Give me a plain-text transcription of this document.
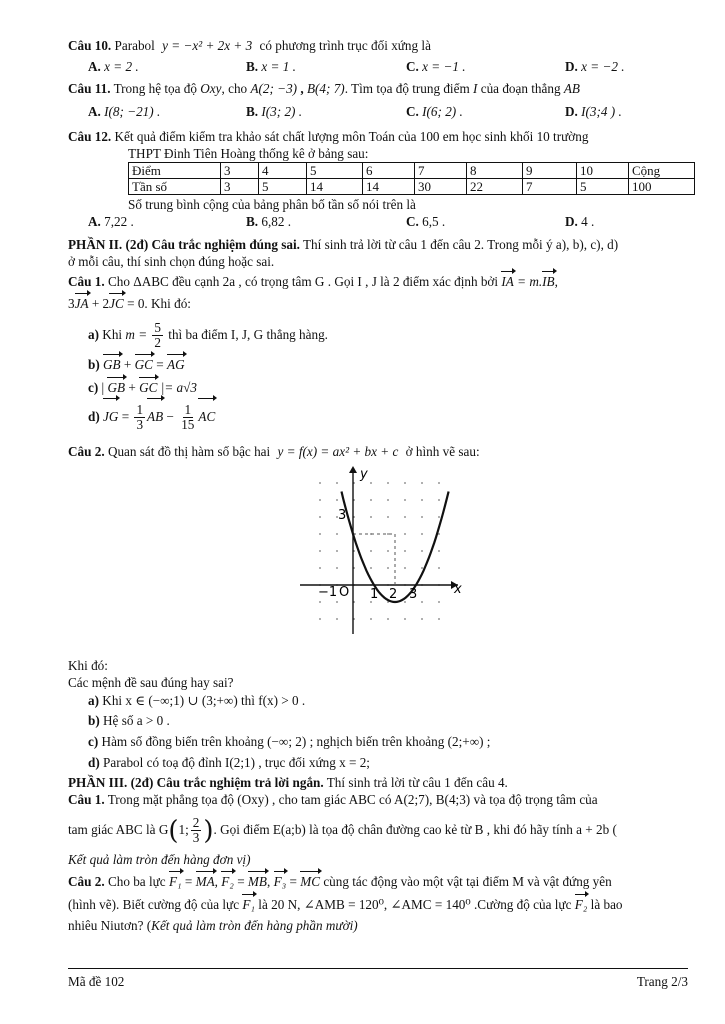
Câu 10. Parabol y = −x² + 2x + 3 có phương trình trục đối xứng là
A. x = 2 .	B. x = 1 .	C. x = −1 .	D. x = −2 .
Câu 11. Trong hệ tọa độ Oxy, cho A(2; −3) , B(4; 7). Tìm tọa độ trung điểm I của đoạn thẳng AB
A. I(8; −21) .	B. I(3; 2) .	C. I(6; 2) .	D. I(3;4 ) .
Câu 12. Kết quả điểm kiểm tra khảo sát chất lượng môn Toán của 100 em học sinh khối 10 trường
THPT Đinh Tiên Hoàng thống kê ở bảng sau:
Điểm	3	4	5	6	7	8	9	10	Cộng
Tần số	3	5	14	14	30	22	7	5	100
Số trung bình cộng của bảng phân bố tần số nói trên là
A. 7,22 .	B. 6,82 .	C. 6,5 .	D. 4 .
PHẦN II. (2đ) Câu trắc nghiệm đúng sai. Thí sinh trả lời từ câu 1 đến câu 2. Trong mỗi ý a), b), c), d)
ở mỗi câu, thí sinh chọn đúng hoặc sai.
Câu 1. Cho ΔABC đều cạnh 2a , có trọng tâm G . Gọi I , J là 2 điểm xác định bởi IA = m.IB,
3JA + 2JC = 0. Khi đó:
a) Khi $m = \frac{5}{2}$ thì ba điểm I, J, G thẳng hàng.
b) GB + GC = AG
c) | GB + GC |= a√3
d) JG = $\frac{1}{3}$ AB − $\frac{1}{15}$ AC
Câu 2. Quan sát đồ thị hàm số bậc hai y = f(x) = ax² + bx + c ở hình vẽ sau:
y
x
3
−1 O 1 2 3
Khi đó:
Các mệnh đề sau đúng hay sai?
a) Khi x ∈ (−∞;1) ∪ (3;+∞) thì f(x) > 0 .
b) Hệ số a > 0 .
c) Hàm số đồng biến trên khoảng (−∞; 2) ; nghịch biến trên khoảng (2;+∞) ;
d) Parabol có toạ độ đỉnh I(2;1) , trục đối xứng x = 2;
PHẦN III. (2đ) Câu trắc nghiệm trả lời ngắn. Thí sinh trả lời từ câu 1 đến câu 4.
Câu 1. Trong mặt phẳng tọa độ (Oxy) , cho tam giác ABC có A(2;7), B(4;3) và tọa độ trọng tâm của
tam giác ABC là G(1; $\frac{2}{3}$ ). Gọi điểm E(a;b) là tọa độ chân đường cao kẻ từ B , khi đó hãy tính a + 2b (
Kết quả làm tròn đến hàng đơn vị)
Câu 2. Cho ba lực F₁ = MA, F₂ = MB, F₃ = MC cùng tác động vào một vật tại điểm M và vật đứng yên
(hình vẽ). Biết cường độ của lực F₁ là 20 N, ∠AMB = 120⁰, ∠AMC = 140⁰ .Cường độ của lực F₂ là bao
nhiêu Niutơn? (Kết quả làm tròn đến hàng phần mười)
Mã đề 102	Trang 2/3
